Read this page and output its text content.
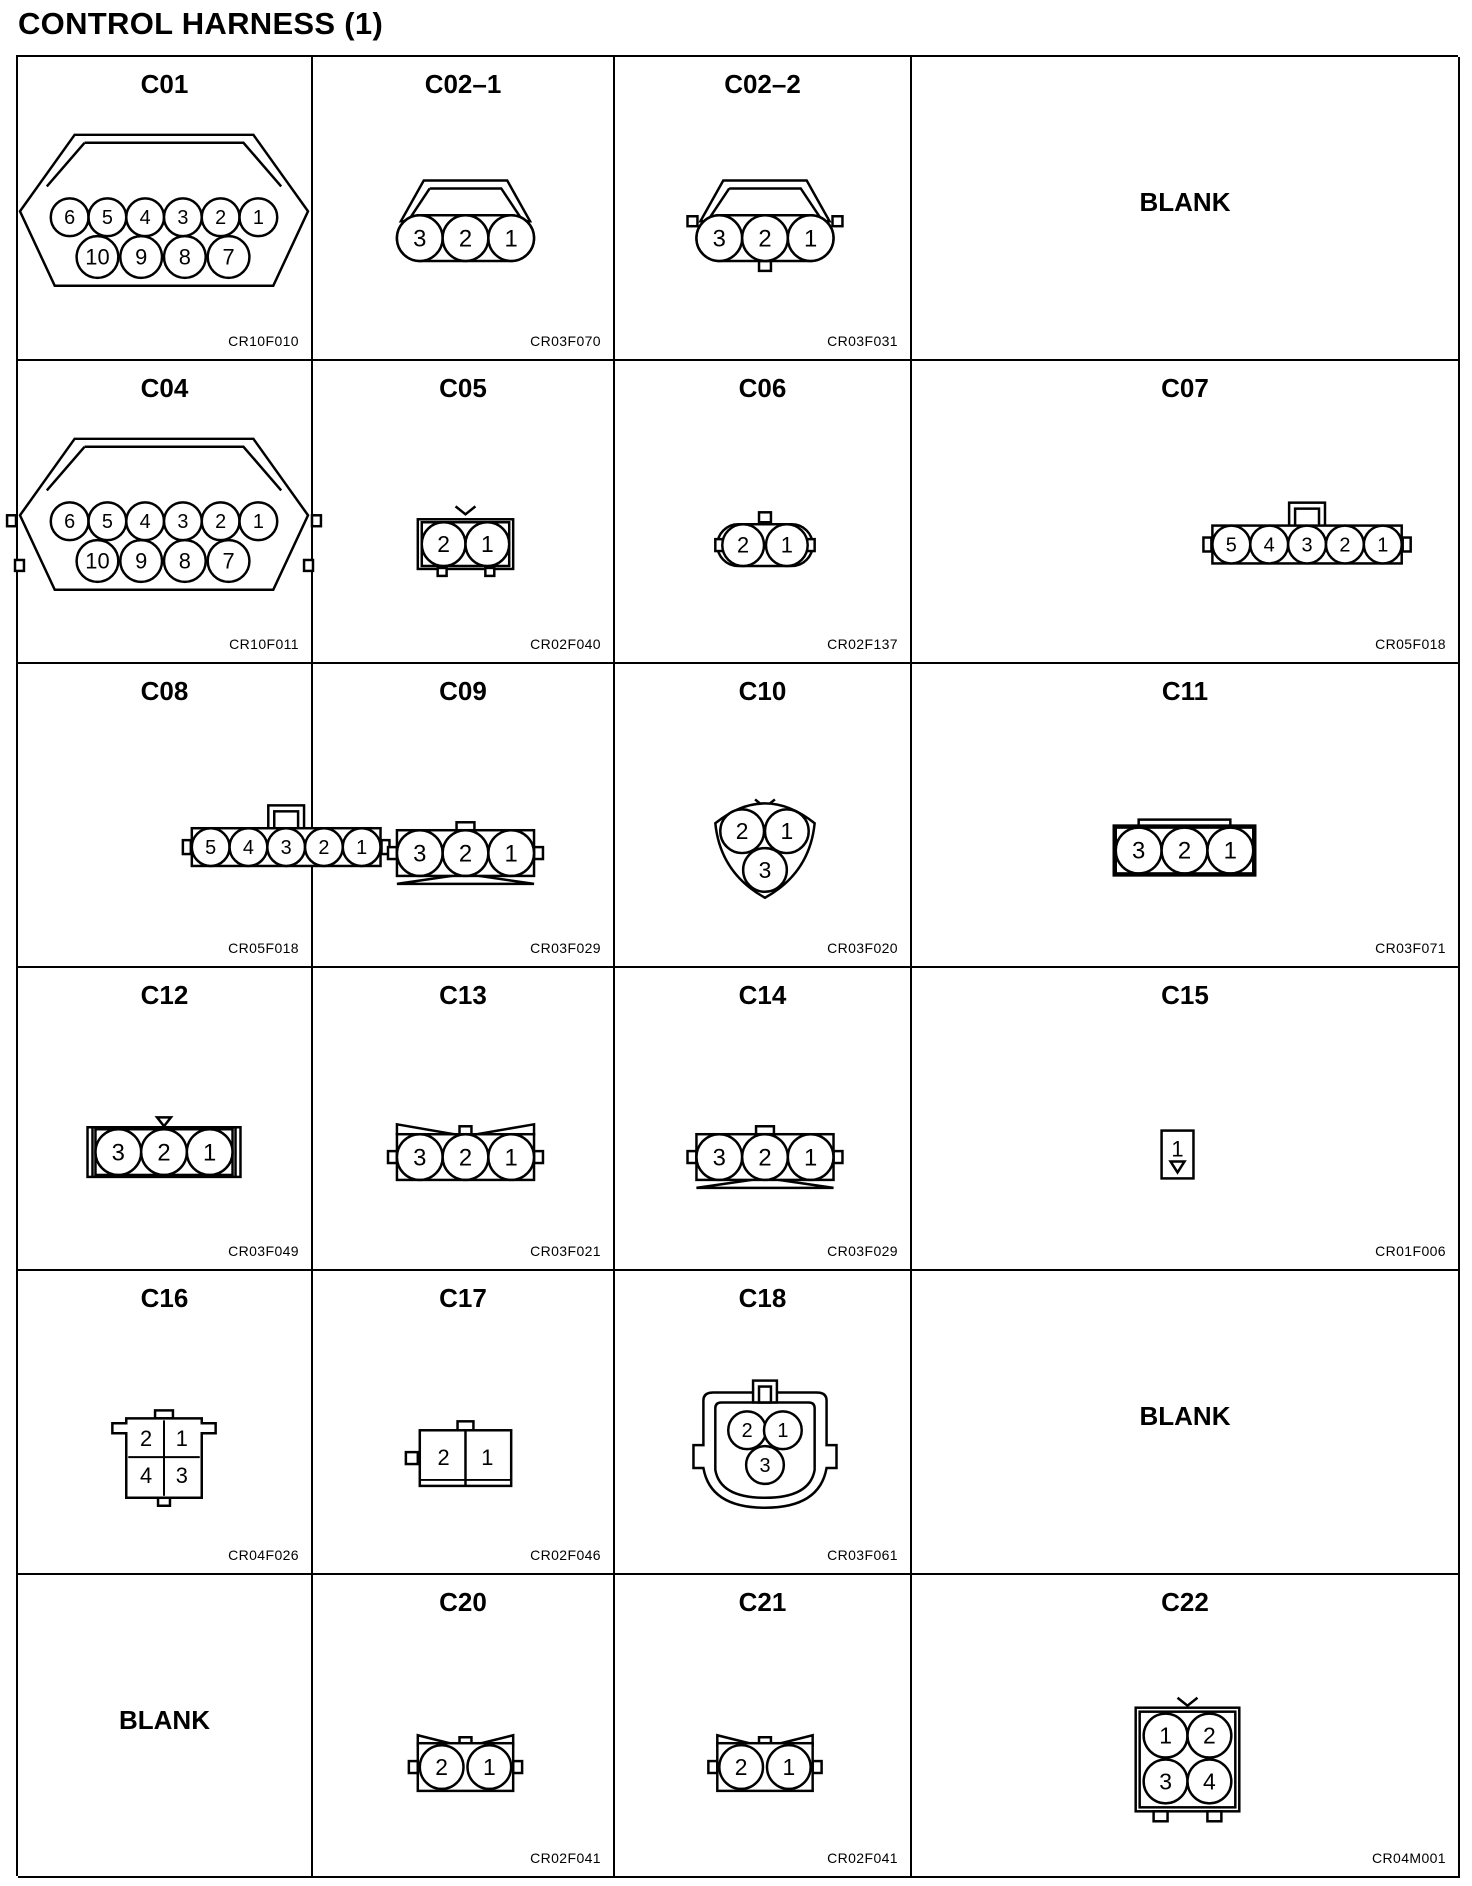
CONTROL HARNESS (1)
C01
6 5 4 3 2 1
10 9 8 7
CR10F010
C02–1
3 2 1
CR03F070
C02–2
3 2 1
CR03F031
BLANK
C04
6 5 4 3 2 1
10 9 8 7
CR10F011
C05
2 1
CR02F040
C06
2 1
CR02F137
C07
5 4 3 2 1
CR05F018
C08
5 4 3 2 1
CR05F018
C09
3 2 1
CR03F029
C10
2 1
3
CR03F020
C11
3 2 1
CR03F071
C12
3 2 1
CR03F049
C13
3 2 1
CR03F021
C14
3 2 1
CR03F029
C15
1
CR01F006
C16
2 1
4 3
CR04F026
C17
2 1
CR02F046
C18
2 1
3
CR03F061
BLANK
BLANK
C20
2 1
CR02F041
C21
2 1
CR02F041
C22
1 2
3 4
CR04M001
